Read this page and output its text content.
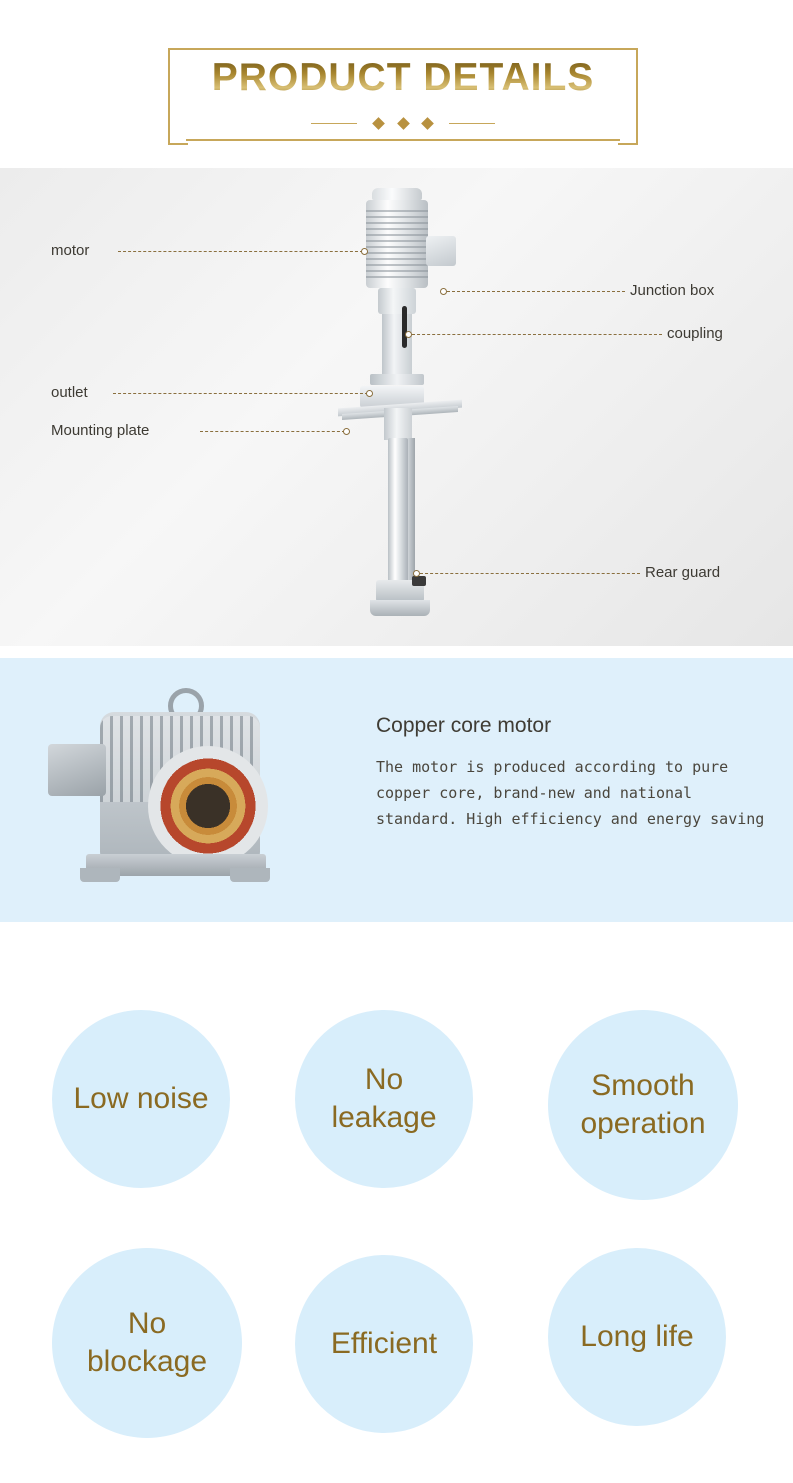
PRODUCT DETAILS

motor
outlet
Mounting plate
Junction box
coupling
Rear guard
Copper core motor
The motor is produced according to pure copper core, brand-new and national standard. High efficiency and energy saving
Low noise
No leakage
Smooth operation
No blockage
Efficient	Long life
